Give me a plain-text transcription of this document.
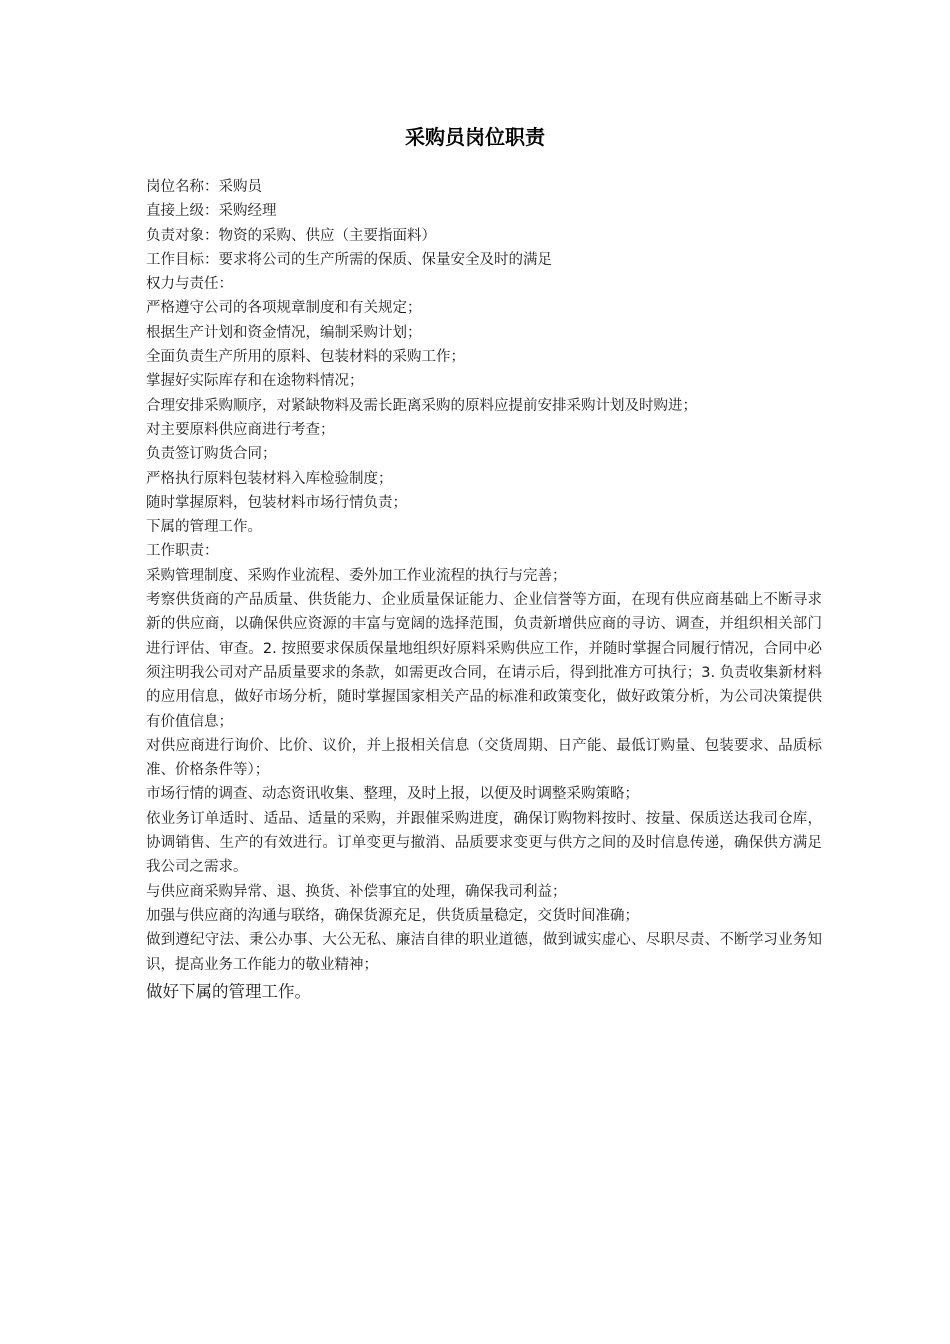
采购员岗位职责

岗位名称：采购员

直接上级：采购经理

负责对象：物资的采购、供应（主要指面料）

工作目标：要求将公司的生产所需的保质、保量安全及时的满足

权力与责任：

严格遵守公司的各项规章制度和有关规定；

根据生产计划和资金情况，编制采购计划；

全面负责生产所用的原料、包装材料的采购工作；

掌握好实际库存和在途物料情况；

合理安排采购顺序，对紧缺物料及需长距离采购的原料应提前安排采购计划及时购进；

对主要原料供应商进行考查；

负责签订购货合同；

严格执行原料包装材料入库检验制度；

随时掌握原料，包装材料市场行情负责；

下属的管理工作。

工作职责：

采购管理制度、采购作业流程、委外加工作业流程的执行与完善；

考察供货商的产品质量、供货能力、企业质量保证能力、企业信誉等方面，在现有供应商基础上不断寻求新的供应商，以确保供应资源的丰富与宽阔的选择范围，负责新增供应商的寻访、调查，并组织相关部门进行评估、审查。2. 按照要求保质保量地组织好原料采购供应工作，并随时掌握合同履行情况，合同中必须注明我公司对产品质量要求的条款，如需更改合同，在请示后，得到批准方可执行；3. 负责收集新材料的应用信息，做好市场分析，随时掌握国家相关产品的标准和政策变化，做好政策分析，为公司决策提供有价值信息；

对供应商进行询价、比价、议价，并上报相关信息（交货周期、日产能、最低订购量、包装要求、品质标准、价格条件等）；

市场行情的调查、动态资讯收集、整理，及时上报，以便及时调整采购策略；

依业务订单适时、适品、适量的采购，并跟催采购进度，确保订购物料按时、按量、保质送达我司仓库，协调销售、生产的有效进行。订单变更与撤消、品质要求变更与供方之间的及时信息传递，确保供方满足我公司之需求。

与供应商采购异常、退、换货、补偿事宜的处理，确保我司利益；

加强与供应商的沟通与联络，确保货源充足，供货质量稳定，交货时间准确；

做到遵纪守法、秉公办事、大公无私、廉洁自律的职业道德，做到诚实虚心、尽职尽责、不断学习业务知识，提高业务工作能力的敬业精神；

做好下属的管理工作。
